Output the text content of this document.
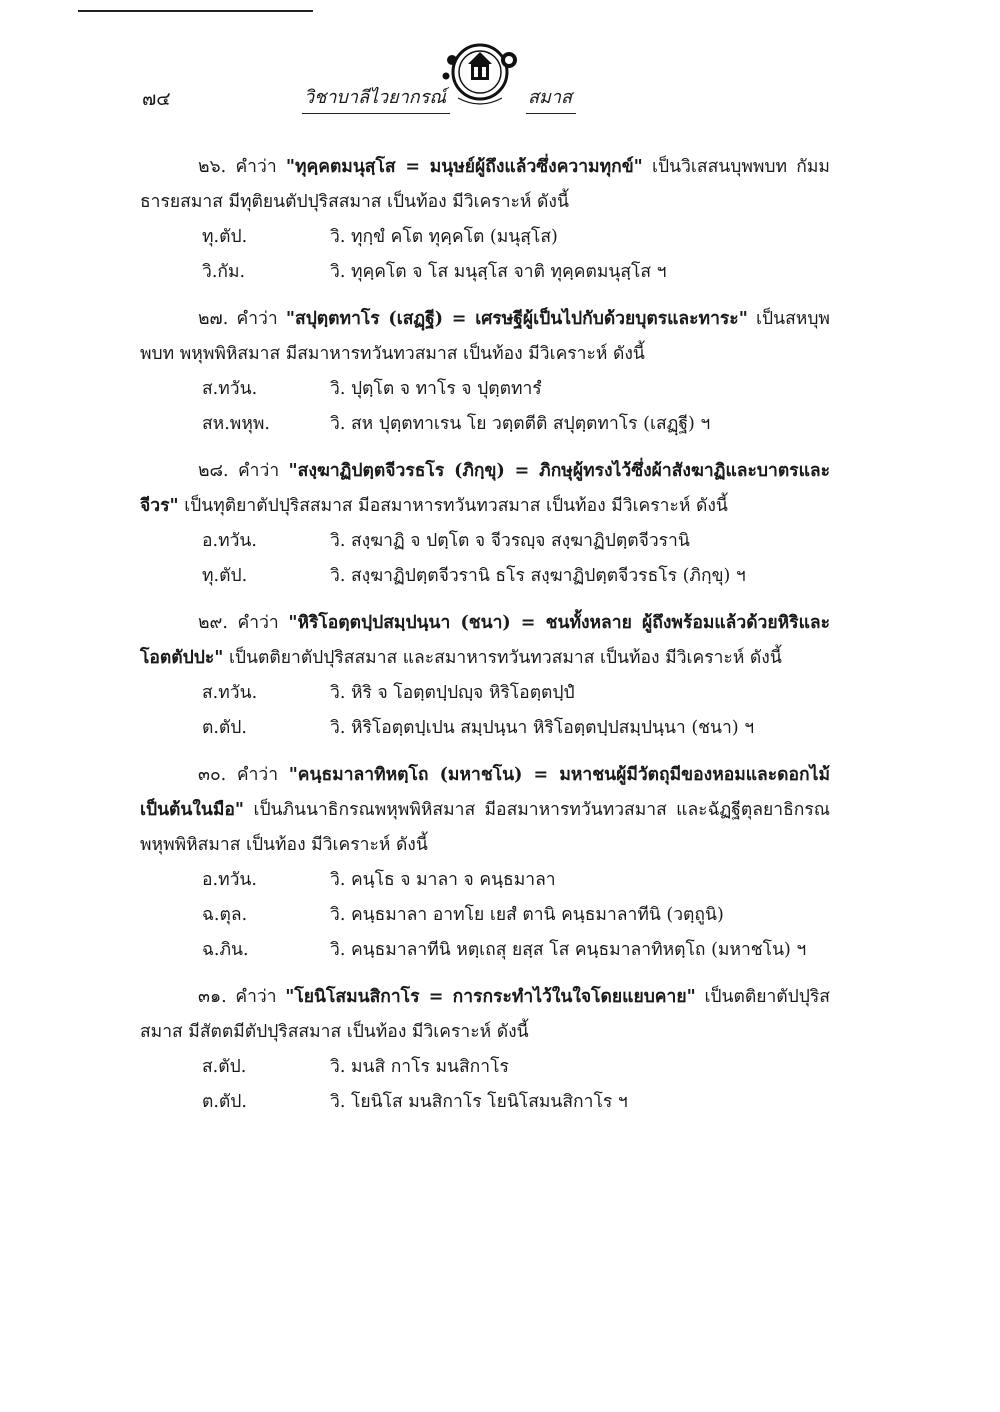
๗๔	วิชาบาลีไวยากรณ์	สมาส
๒๖. คำว่า "ทุคฺคตมนุสฺโส = มนุษย์ผู้ถึงแล้วซึ่งความทุกข์" เป็นวิเสสนบุพพบท กัมมธารยสมาส มีทุติยนตัปปุริสสมาส เป็นท้อง มีวิเคราะห์ ดังนี้
ทุ.ตัป.	วิ. ทุกฺขํ คโต ทุคฺคโต (มนุสฺโส)
วิ.กัม.	วิ. ทุคฺคโต จ โส มนุสฺโส จาติ ทุคฺคตมนุสฺโส ฯ
๒๗. คำว่า "สปุตฺตทาโร (เสฏฺฐี) = เศรษฐีผู้เป็นไปกับด้วยบุตรและทาระ" เป็นสหบุพพบท พหุพพิหิสมาส มีสมาหารทวันทวสมาส เป็นท้อง มีวิเคราะห์ ดังนี้
ส.ทวัน.	วิ. ปุตฺโต จ ทาโร จ ปุตฺตทารํ
สห.พหุพ.	วิ. สห ปุตฺตทาเรน โย วตฺตตีติ สปุตฺตทาโร (เสฏฺฐี) ฯ
๒๘. คำว่า "สงฺฆาฏิปตฺตจีวรธโร (ภิกฺขุ) = ภิกษุผู้ทรงไว้ซึ่งผ้าสังฆาฏิและบาตรและจีวร" เป็นทุติยาตัปปุริสสมาส มีอสมาหารทวันทวสมาส เป็นท้อง มีวิเคราะห์ ดังนี้
อ.ทวัน.	วิ. สงฺฆาฏิ จ ปตฺโต จ จีวรญฺจ สงฺฆาฏิปตฺตจีวรานิ
ทุ.ตัป.	วิ. สงฺฆาฏิปตฺตจีวรานิ ธโร สงฺฆาฏิปตฺตจีวรธโร (ภิกฺขุ) ฯ
๒๙. คำว่า "หิริโอตฺตปฺปสมฺปนฺนา (ชนา) = ชนทั้งหลาย ผู้ถึงพร้อมแล้วด้วยหิริและโอตตัปปะ" เป็นตติยาตัปปุริสสมาส และสมาหารทวันทวสมาส เป็นท้อง มีวิเคราะห์ ดังนี้
ส.ทวัน.	วิ. หิริ จ โอตฺตปฺปญฺจ หิริโอตฺตปฺปํ
ต.ตัป.	วิ. หิริโอตฺตปฺเปน สมฺปนฺนา หิริโอตฺตปฺปสมฺปนฺนา (ชนา) ฯ
๓๐. คำว่า "คนฺธมาลาทิหตฺโถ (มหาชโน) = มหาชนผู้มีวัตถุมีของหอมและดอกไม้เป็นต้นในมือ" เป็นภินนาธิกรณพหุพพิหิสมาส มีอสมาหารทวันทวสมาส และฉัฏฐีตุลยาธิกรณพหุพพิหิสมาส เป็นท้อง มีวิเคราะห์ ดังนี้
อ.ทวัน.	วิ. คนฺโธ จ มาลา จ คนฺธมาลา
ฉ.ตุล.	วิ. คนฺธมาลา อาทโย เยสํ ตานิ คนฺธมาลาทีนิ (วตฺถูนิ)
ฉ.ภิน.	วิ. คนฺธมาลาทีนิ หตฺเถสุ ยสฺส โส คนฺธมาลาทิหตฺโถ (มหาชโน) ฯ
๓๑. คำว่า "โยนิโสมนสิกาโร = การกระทำไว้ในใจโดยแยบคาย" เป็นตติยาตัปปุริสสมาส มีสัตตมีตัปปุริสสมาส เป็นท้อง มีวิเคราะห์ ดังนี้
ส.ตัป.	วิ. มนสิ กาโร มนสิกาโร
ต.ตัป.	วิ. โยนิโส มนสิกาโร โยนิโสมนสิกาโร ฯ
